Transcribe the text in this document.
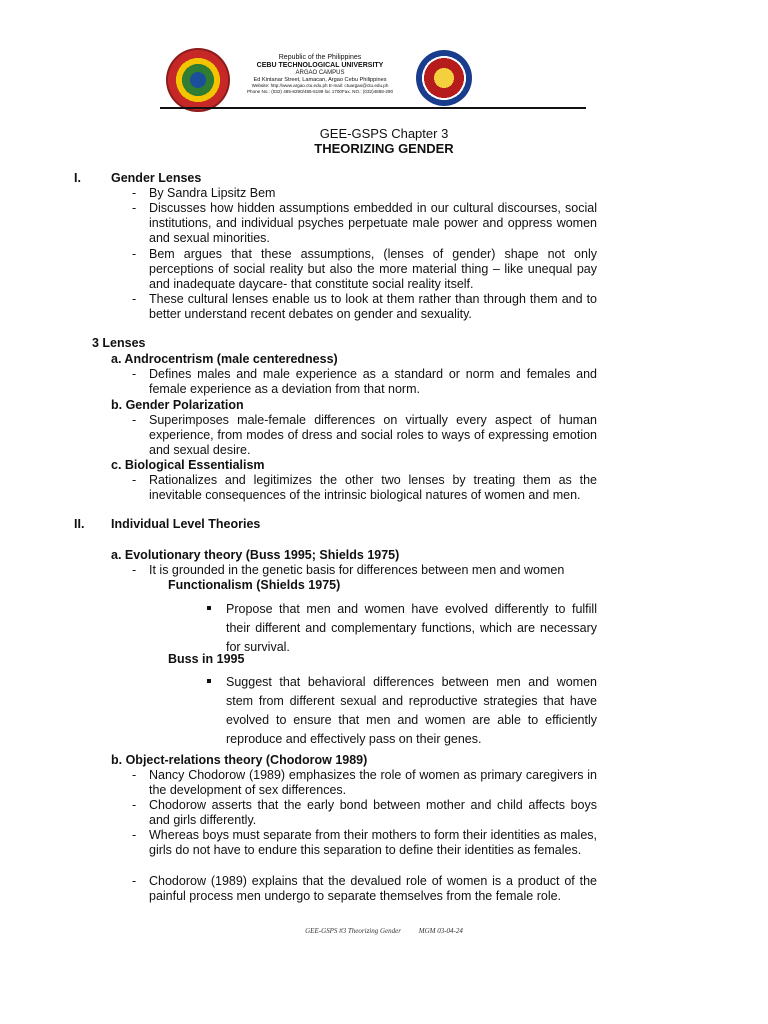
Republic of the Philippines
CEBU TECHNOLOGICAL UNIVERSITY
ARGAO CAMPUS
Ed Kintanar Street, Lamacan, Argao Cebu Philippines
Website: http://www.argao.ctu.edu.ph E-mail: ctuargao@ctu.edu.ph
Phone No.: (032) 485-8290/485-5199 loc 1700Fax. NO.: (032)4858-290
GEE-GSPS Chapter 3
THEORIZING GENDER
I. Gender Lenses
- By Sandra Lipsitz Bem
- Discusses how hidden assumptions embedded in our cultural discourses, social institutions, and individual psyches perpetuate male power and oppress women and sexual minorities.
- Bem argues that these assumptions, (lenses of gender) shape not only perceptions of social reality but also the more material thing – like unequal pay and inadequate daycare- that constitute social reality itself.
- These cultural lenses enable us to look at them rather than through them and to better understand recent debates on gender and sexuality.
3 Lenses
a. Androcentrism (male centeredness)
- Defines males and male experience as a standard or norm and females and female experience as a deviation from that norm.
b. Gender Polarization
- Superimposes male-female differences on virtually every aspect of human experience, from modes of dress and social roles to ways of expressing emotion and sexual desire.
c. Biological Essentialism
- Rationalizes and legitimizes the other two lenses by treating them as the inevitable consequences of the intrinsic biological natures of women and men.
II. Individual Level Theories
a. Evolutionary theory (Buss 1995; Shields 1975)
- It is grounded in the genetic basis for differences between men and women
Functionalism (Shields 1975)
Propose that men and women have evolved differently to fulfill their different and complementary functions, which are necessary for survival.
Buss in 1995
Suggest that behavioral differences between men and women stem from different sexual and reproductive strategies that have evolved to ensure that men and women are able to efficiently reproduce and effectively pass on their genes.
b. Object-relations theory (Chodorow 1989)
- Nancy Chodorow (1989) emphasizes the role of women as primary caregivers in the development of sex differences.
- Chodorow asserts that the early bond between mother and child affects boys and girls differently.
- Whereas boys must separate from their mothers to form their identities as males, girls do not have to endure this separation to define their identities as females.
- Chodorow (1989) explains that the devalued role of women is a product of the painful process men undergo to separate themselves from the female role.
GEE-GSPS #3 Theorizing Gender	MGM 03-04-24
